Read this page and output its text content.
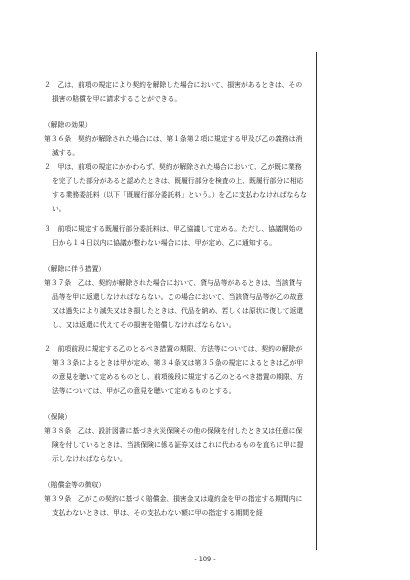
２　乙は、前項の規定により契約を解除した場合において、損害があるときは、その損害の賠償を甲に請求することができる。

（解除の効果）

第３６条　契約が解除された場合には、第１条第２項に規定する甲及び乙の義務は消滅する。

２　甲は、前項の規定にかかわらず、契約が解除された場合において、乙が既に業務を完了した部分があると認めたときは、既履行部分を検査の上、既履行部分に相応する業務委託料（以下「既履行部分委託料」という。）を乙に支払わなければならない。

３　前項に規定する既履行部分委託料は、甲乙協議して定める。ただし、協議開始の日から１４日以内に協議が整わない場合には、甲が定め、乙に通知する。

（解除に伴う措置）

第３７条　乙は、契約が解除された場合において、貸与品等があるときは、当該貸与品等を甲に返還しなければならない。この場合において、当該貸与品等が乙の故意又は過失により滅失又はき損したときは、代品を納め、若しくは原状に復して返還し、又は返還に代えてその損害を賠償しなければならない。

２　前項前段に規定する乙のとるべき措置の期限、方法等については、契約の解除が第３３条によるときは甲が定め、第３４条又は第３５条の規定によるときは乙が甲の意見を聴いて定めるものとし、前項後段に規定する乙のとるべき措置の期限、方法等については、甲が乙の意見を聴いて定めるものとする。

（保険）

第３８条　乙は、設計図書に基づき火災保険その他の保険を付したとき又は任意に保険を付しているときは、当該保険に係る証券又はこれに代わるものを直ちに甲に提示しなければならない。

（賠償金等の徴収）

第３９条　乙がこの契約に基づく賠償金、損害金又は違約金を甲の指定する期間内に支払わないときは、甲は、その支払わない額に甲の指定する期間を経

- 109 -
